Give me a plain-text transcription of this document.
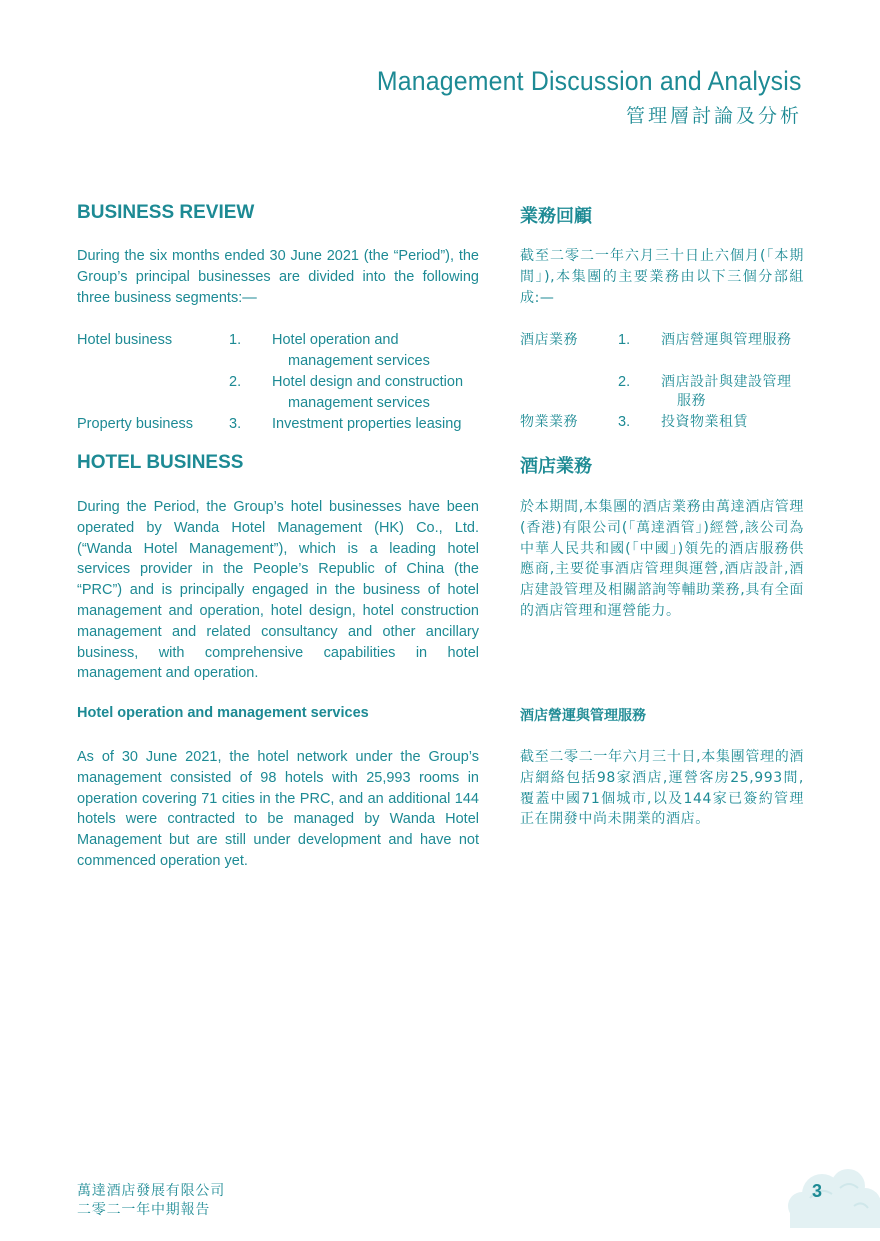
Management Discussion and Analysis
管理層討論及分析
BUSINESS REVIEW	業務回顧

During the six months ended 30 June 2021 (the “Period”), the Group’s principal businesses are divided into the following three business segments:—

截至二零二一年六月三十日止六個月(「本期間」),本集團的主要業務由以下三個分部組成:—

Hotel business	1. Hotel operation and
management services
2. Hotel design and construction
management services
Property business 3. Investment properties leasing
酒店業務	1. 酒店營運與管理服務
2. 酒店設計與建設管理
服務
物業業務	3. 投資物業租賃
HOTEL BUSINESS	酒店業務

During the Period, the Group’s hotel businesses have been operated by Wanda Hotel Management (HK) Co., Ltd. (“Wanda Hotel Management”), which is a leading hotel services provider in the People’s Republic of China (the “PRC”) and is principally engaged in the business of hotel management and operation, hotel design, hotel construction management and related consultancy and other ancillary business, with comprehensive capabilities in hotel management and operation.

於本期間,本集團的酒店業務由萬達酒店管理(香港)有限公司(「萬達酒管」)經營,該公司為中華人民共和國(「中國」)領先的酒店服務供應商,主要從事酒店管理與運營,酒店設計,酒店建設管理及相關諮詢等輔助業務,具有全面的酒店管理和運營能力。

Hotel operation and management services	酒店營運與管理服務

As of 30 June 2021, the hotel network under the Group’s management consisted of 98 hotels with 25,993 rooms in operation covering 71 cities in the PRC, and an additional 144 hotels were contracted to be managed by Wanda Hotel Management but are still under development and have not commenced operation yet.

截至二零二一年六月三十日,本集團管理的酒店網絡包括98家酒店,運營客房25,993間,覆蓋中國71個城市,以及144家已簽約管理正在開發中尚未開業的酒店。

萬達酒店發展有限公司
二零二一年中期報告
3
